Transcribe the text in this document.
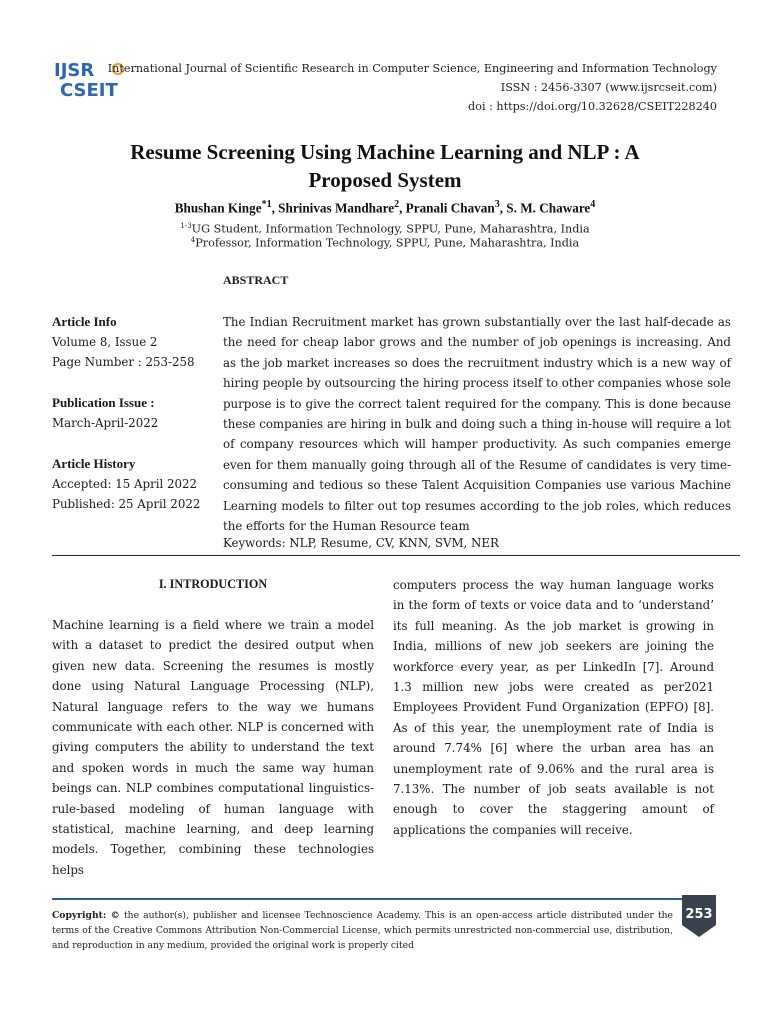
IJSR
CSEIT
International Journal of Scientific Research in Computer Science, Engineering and Information Technology
ISSN : 2456-3307 (www.ijsrcseit.com)
doi : https://doi.org/10.32628/CSEIT228240
Resume Screening Using Machine Learning and NLP : A
Proposed System
Bhushan Kinge$^{*1}$, Shrinivas Mandhare$^2$, Pranali Chavan$^3$, S. M. Chaware$^4$
$^{1-3}$UG Student, Information Technology, SPPU, Pune, Maharashtra, India
$^4$Professor, Information Technology, SPPU, Pune, Maharashtra, India
ABSTRACT
Article Info
Volume 8, Issue 2
Page Number : 253-258
Publication Issue :
March-April-2022
Article History
Accepted: 15 April 2022
Published: 25 April 2022
The Indian Recruitment market has grown substantially over the last half-decade as the need for cheap labor grows and the number of job openings is increasing. And as the job market increases so does the recruitment industry which is a new way of hiring people by outsourcing the hiring process itself to other companies whose sole purpose is to give the correct talent required for the company. This is done because these companies are hiring in bulk and doing such a thing in-house will require a lot of company resources which will hamper productivity. As such companies emerge even for them manually going through all of the Resume of candidates is very time-consuming and tedious so these Talent Acquisition Companies use various Machine Learning models to filter out top resumes according to the job roles, which reduces the efforts for the Human Resource team
Keywords: NLP, Resume, CV, KNN, SVM, NER
I. INTRODUCTION
Machine learning is a field where we train a model with a dataset to predict the desired output when given new data. Screening the resumes is mostly done using Natural Language Processing (NLP), Natural language refers to the way we humans communicate with each other. NLP is concerned with giving computers the ability to understand the text and spoken words in much the same way human beings can. NLP combines computational linguistics- rule-based modeling of human language with statistical, machine learning, and deep learning models. Together, combining these technologies helps
computers process the way human language works in the form of texts or voice data and to ‘understand’ its full meaning. As the job market is growing in India, millions of new job seekers are joining the workforce every year, as per LinkedIn [7]. Around 1.3 million new jobs were created as per2021 Employees Provident Fund Organization (EPFO) [8]. As of this year, the unemployment rate of India is around 7.74% [6] where the urban area has an unemployment rate of 9.06% and the rural area is 7.13%. The number of job seats available is not enough to cover the staggering amount of applications the companies will receive.
Copyright: © the author(s), publisher and licensee Technoscience Academy. This is an open-access article distributed under the terms of the Creative Commons Attribution Non-Commercial License, which permits unrestricted non-commercial use, distribution, and reproduction in any medium, provided the original work is properly cited
253
